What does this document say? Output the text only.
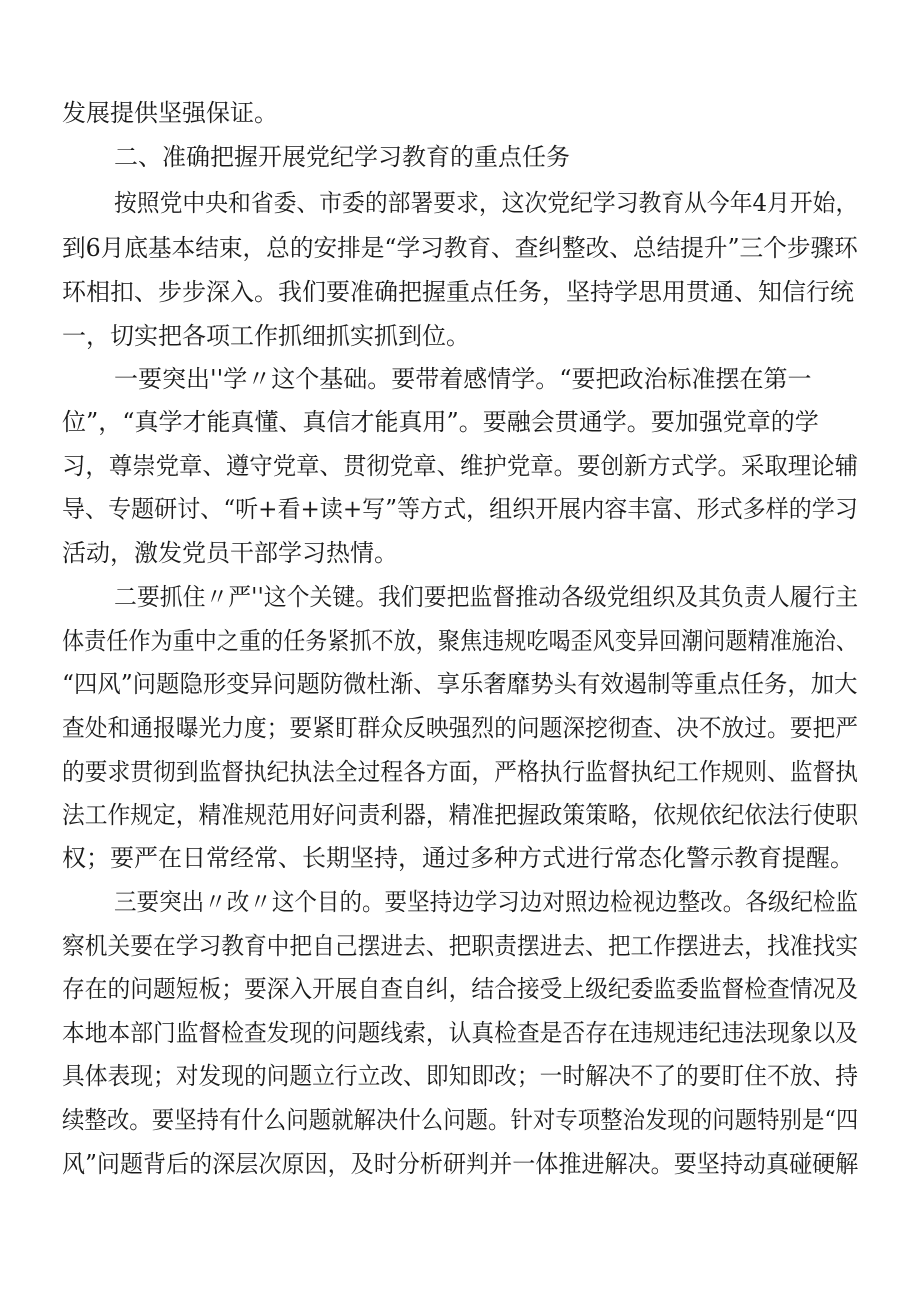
发展提供坚强保证。
二、准确把握开展党纪学习教育的重点任务
按照党中央和省委、市委的部署要求，这次党纪学习教育从今年4月开始，
到6月底基本结束，总的安排是“学习教育、查纠整改、总结提升”三个步骤环
环相扣、步步深入。我们要准确把握重点任务，坚持学思用贯通、知信行统
一，切实把各项工作抓细抓实抓到位。
一要突出''学〃这个基础。要带着感情学。“要把政治标准摆在第一
位”，“真学才能真懂、真信才能真用”。要融会贯通学。要加强党章的学
习，尊崇党章、遵守党章、贯彻党章、维护党章。要创新方式学。采取理论辅
导、专题研讨、“听+看+读+写”等方式，组织开展内容丰富、形式多样的学习
活动，激发党员干部学习热情。
二要抓住〃严''这个关键。我们要把监督推动各级党组织及其负责人履行主
体责任作为重中之重的任务紧抓不放，聚焦违规吃喝歪风变异回潮问题精准施治、
“四风”问题隐形变异问题防微杜渐、享乐奢靡势头有效遏制等重点任务，加大
查处和通报曝光力度；要紧盯群众反映强烈的问题深挖彻查、决不放过。要把严
的要求贯彻到监督执纪执法全过程各方面，严格执行监督执纪工作规则、监督执
法工作规定，精准规范用好问责利器，精准把握政策策略，依规依纪依法行使职
权；要严在日常经常、长期坚持，通过多种方式进行常态化警示教育提醒。
三要突出〃改〃这个目的。要坚持边学习边对照边检视边整改。各级纪检监
察机关要在学习教育中把自己摆进去、把职责摆进去、把工作摆进去，找准找实
存在的问题短板；要深入开展自查自纠，结合接受上级纪委监委监督检查情况及
本地本部门监督检查发现的问题线索，认真检查是否存在违规违纪违法现象以及
具体表现；对发现的问题立行立改、即知即改；一时解决不了的要盯住不放、持
续整改。要坚持有什么问题就解决什么问题。针对专项整治发现的问题特别是“四
风”问题背后的深层次原因，及时分析研判并一体推进解决。要坚持动真碰硬解
